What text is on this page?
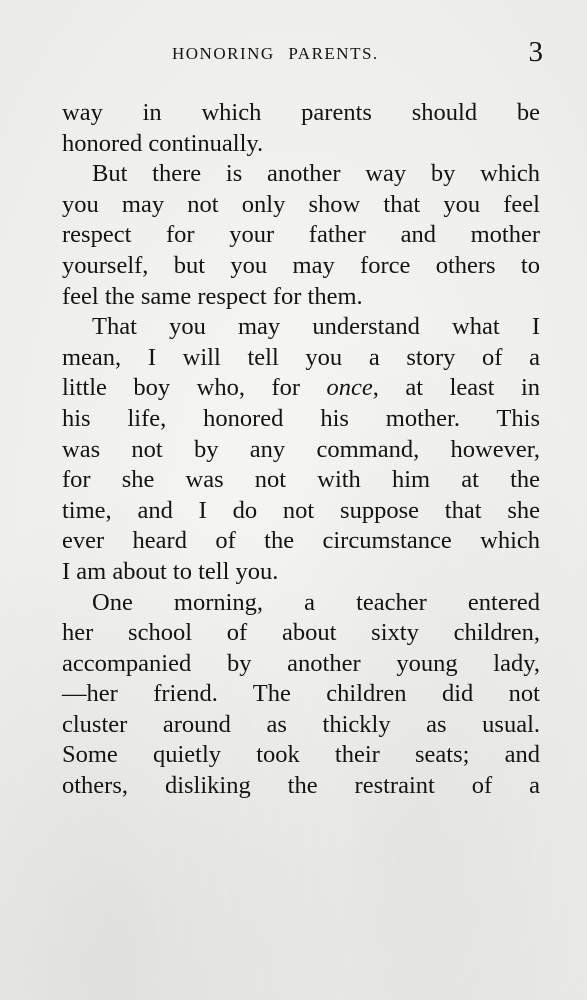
HONORING PARENTS.	3

way in which parents should be
honored continually.

But there is another way by which
you may not only show that you feel
respect for your father and mother
yourself, but you may force others to
feel the same respect for them.

That you may understand what I
mean, I will tell you a story of a
little boy who, for once, at least in
his life, honored his mother. This
was not by any command, however,
for she was not with him at the
time, and I do not suppose that she
ever heard of the circumstance which
I am about to tell you.

One morning, a teacher entered
her school of about sixty children,
accompanied by another young lady,
—her friend. The children did not
cluster around as thickly as usual.
Some quietly took their seats; and
others, disliking the restraint of a
